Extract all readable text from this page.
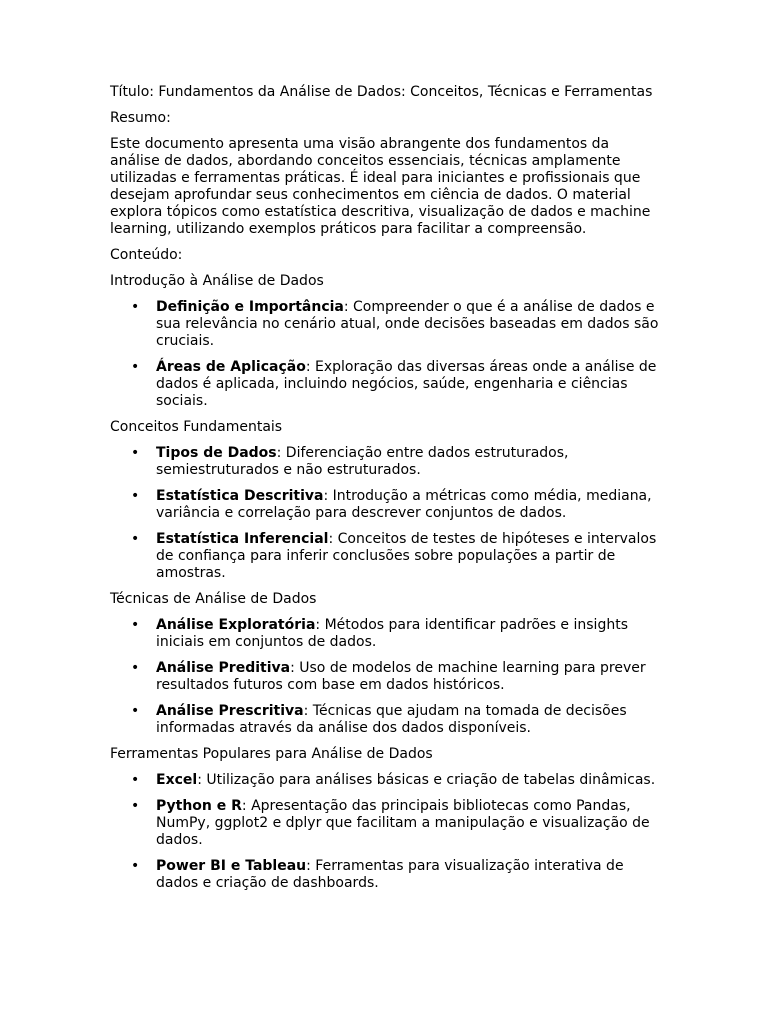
Título: Fundamentos da Análise de Dados: Conceitos, Técnicas e Ferramentas

Resumo:

Este documento apresenta uma visão abrangente dos fundamentos da análise de dados, abordando conceitos essenciais, técnicas amplamente utilizadas e ferramentas práticas. É ideal para iniciantes e profissionais que desejam aprofundar seus conhecimentos em ciência de dados. O material explora tópicos como estatística descritiva, visualização de dados e machine learning, utilizando exemplos práticos para facilitar a compreensão.

Conteúdo:

Introdução à Análise de Dados

• Definição e Importância: Compreender o que é a análise de dados e sua relevância no cenário atual, onde decisões baseadas em dados são cruciais.
• Áreas de Aplicação: Exploração das diversas áreas onde a análise de dados é aplicada, incluindo negócios, saúde, engenharia e ciências sociais.

Conceitos Fundamentais

• Tipos de Dados: Diferenciação entre dados estruturados, semiestruturados e não estruturados.
• Estatística Descritiva: Introdução a métricas como média, mediana, variância e correlação para descrever conjuntos de dados.
• Estatística Inferencial: Conceitos de testes de hipóteses e intervalos de confiança para inferir conclusões sobre populações a partir de amostras.

Técnicas de Análise de Dados

• Análise Exploratória: Métodos para identificar padrões e insights iniciais em conjuntos de dados.
• Análise Preditiva: Uso de modelos de machine learning para prever resultados futuros com base em dados históricos.
• Análise Prescritiva: Técnicas que ajudam na tomada de decisões informadas através da análise dos dados disponíveis.

Ferramentas Populares para Análise de Dados

• Excel: Utilização para análises básicas e criação de tabelas dinâmicas.
• Python e R: Apresentação das principais bibliotecas como Pandas, NumPy, ggplot2 e dplyr que facilitam a manipulação e visualização de dados.
• Power BI e Tableau: Ferramentas para visualização interativa de dados e criação de dashboards.
